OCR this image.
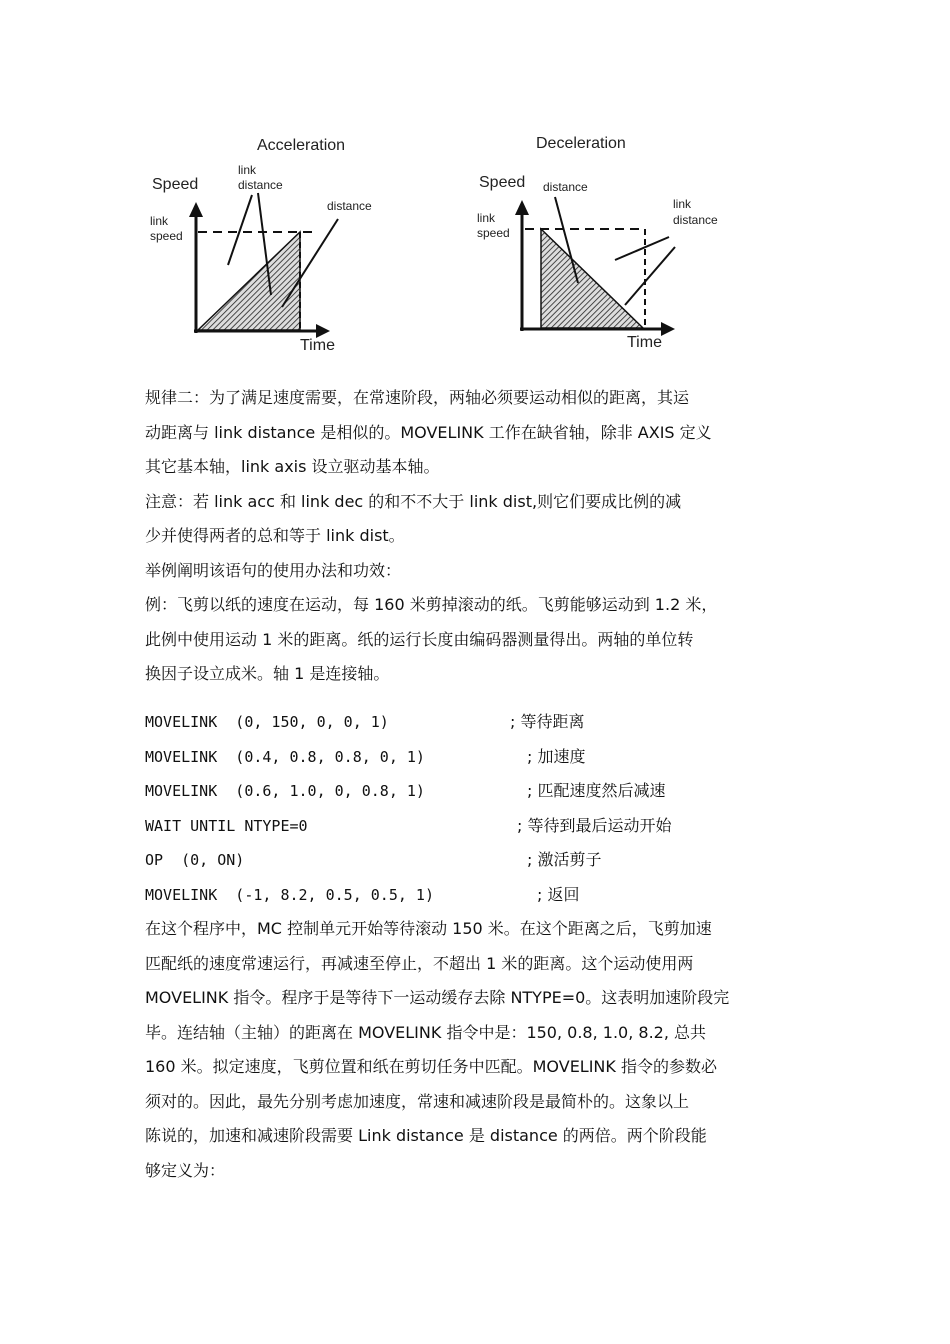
Acceleration
Speed
link
distance
distance
link
speed
Time
Deceleration
Speed distance
link
distance
link
speed
Time
规律二：为了满足速度需要，在常速阶段，两轴必须要运动相似的距离，其运
动距离与 link distance 是相似的。MOVELINK 工作在缺省轴，除非 AXIS 定义
其它基本轴，link axis 设立驱动基本轴。
注意：若 link acc 和 link dec 的和不不大于 link dist,则它们要成比例的减
少并使得两者的总和等于 link dist。
举例阐明该语句的使用办法和功效：
例：飞剪以纸的速度在运动，每 160 米剪掉滚动的纸。飞剪能够运动到 1.2 米，
此例中使用运动 1 米的距离。纸的运行长度由编码器测量得出。两轴的单位转
换因子设立成米。轴 1 是连接轴。
MOVELINK  (0, 150, 0, 0, 1)	; 等待距离
MOVELINK  (0.4, 0.8, 0.8, 0, 1)	; 加速度
MOVELINK  (0.6, 1.0, 0, 0.8, 1)	; 匹配速度然后减速
WAIT UNTIL NTYPE=0	; 等待到最后运动开始
OP  (0, ON)	; 激活剪子
MOVELINK  (-1, 8.2, 0.5, 0.5, 1)	; 返回
在这个程序中，MC 控制单元开始等待滚动 150 米。在这个距离之后，飞剪加速
匹配纸的速度常速运行，再减速至停止，不超出 1 米的距离。这个运动使用两
MOVELINK 指令。程序于是等待下一运动缓存去除 NTYPE=0。这表明加速阶段完
毕。连结轴（主轴）的距离在 MOVELINK 指令中是：150, 0.8, 1.0, 8.2, 总共
160 米。拟定速度，飞剪位置和纸在剪切任务中匹配。MOVELINK 指令的参数必
须对的。因此，最先分别考虑加速度，常速和减速阶段是最简朴的。这象以上
陈说的，加速和减速阶段需要 Link distance 是 distance 的两倍。两个阶段能
够定义为：
